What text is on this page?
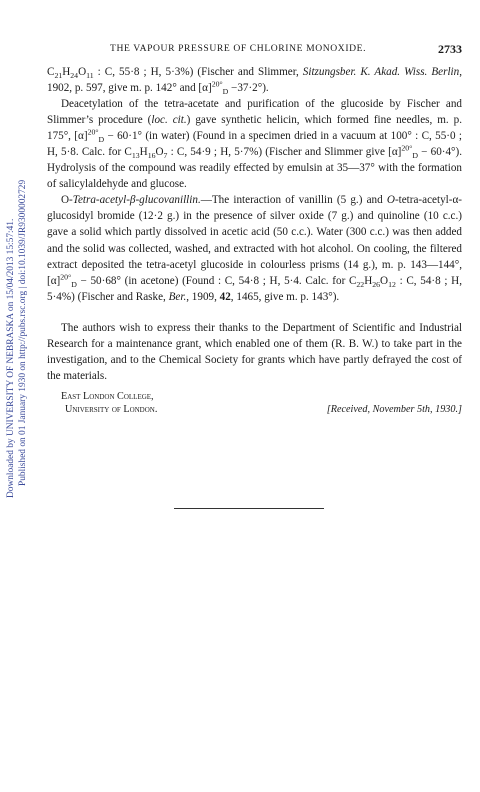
Downloaded by UNIVERSITY OF NEBRASKA on 15/04/2013 15:57:41. Published on 01 January 1930 on http://pubs.rsc.org | doi:10.1039/JR9300002729
THE VAPOUR PRESSURE OF CHLORINE MONOXIDE.	2733

$C_{21}H_{24}O_{11}$ : C, 55·8 ; H, 5·3%) (Fischer and Slimmer, Sitzungsber. K. Akad. Wiss. Berlin, 1902, p. 597, give m. p. 142° and $[\alpha]^{20^\circ}_D -37\cdot 2^\circ$).

Deacetylation of the tetra-acetate and purification of the glucoside by Fischer and Slimmer’s procedure (loc. cit.) gave synthetic helicin, which formed fine needles, m. p. 175°, $[\alpha]^{20^\circ}_D - 60\cdot 1^\circ$ (in water) (Found in a specimen dried in a vacuum at 100° : C, 55·0 ; H, 5·8. Calc. for $C_{13}H_{16}O_7$ : C, 54·9 ; H, 5·7%) (Fischer and Slimmer give $[\alpha]^{20^\circ}_D - 60\cdot 4^\circ$). Hydrolysis of the compound was readily effected by emulsin at 35—37° with the formation of salicylaldehyde and glucose.

O-Tetra-acetyl-β-glucovanillin.—The interaction of vanillin (5 g.) and O-tetra-acetyl-α-glucosidyl bromide (12·2 g.) in the presence of silver oxide (7 g.) and quinoline (10 c.c.) gave a solid which partly dissolved in acetic acid (50 c.c.). Water (300 c.c.) was then added and the solid was collected, washed, and extracted with hot alcohol. On cooling, the filtered extract deposited the tetra-acetyl glucoside in colourless prisms (14 g.), m. p. 143—144°, $[\alpha]^{20^\circ}_D - 50\cdot 68^\circ$ (in acetone) (Found : C, 54·8 ; H, 5·4. Calc. for $C_{22}H_{26}O_{12}$ : C, 54·8 ; H, 5·4%) (Fischer and Raske, Ber., 1909, 42, 1465, give m. p. 143°).

The authors wish to express their thanks to the Department of Scientific and Industrial Research for a maintenance grant, which enabled one of them (R. B. W.) to take part in the investigation, and to the Chemical Society for grants which have partly defrayed the cost of the materials.

East London College,
University of London.	[Received, November 5th, 1930.]
